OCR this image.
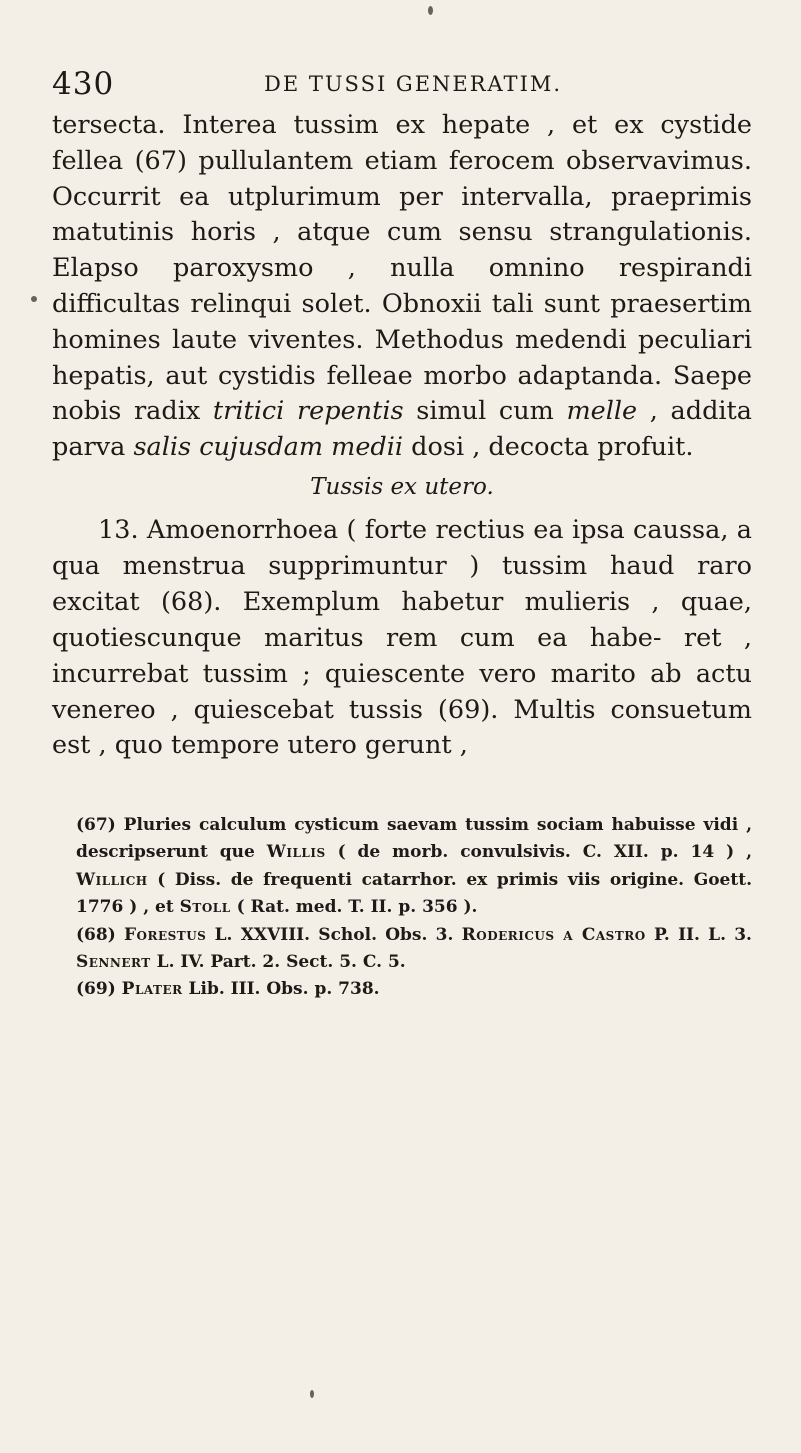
430	DE TUSSI GENERATIM.

tersecta. Interea tussim ex hepate , et ex cystide fellea (67) pullulantem etiam ferocem observavimus. Occurrit ea utplurimum per intervalla, praeprimis matutinis horis , atque cum sensu strangulationis. Elapso paroxysmo , nulla omnino respirandi difficultas relinqui solet. Obnoxii tali sunt praesertim homines laute viventes. Methodus medendi peculiari hepatis, aut cystidis felleae morbo adaptanda. Saepe nobis radix tritici repentis simul cum melle , addita parva salis cujusdam medii dosi , decocta profuit.

Tussis ex utero.

13. Amoenorrhoea ( forte rectius ea ipsa caussa, a qua menstrua supprimuntur ) tussim haud raro excitat (68). Exemplum habetur mulieris , quae, quotiescunque maritus rem cum ea habe- ret , incurrebat tussim ; quiescente vero marito ab actu venereo , quiescebat tussis (69). Multis consuetum est , quo tempore utero gerunt ,

(67) Pluries calculum cysticum saevam tussim sociam habuisse vidi , descripserunt que Willis ( de morb. convulsivis. C. XII. p. 14 ) , Willich ( Diss. de frequenti catarrhor. ex primis viis origine. Goett. 1776 ) , et Stoll ( Rat. med. T. II. p. 356 ).

(68) Forestus L. XXVIII. Schol. Obs. 3. Rodericus a Castro P. II. L. 3. Sennert L. IV. Part. 2. Sect. 5. C. 5.

(69) Plater Lib. III. Obs. p. 738.
